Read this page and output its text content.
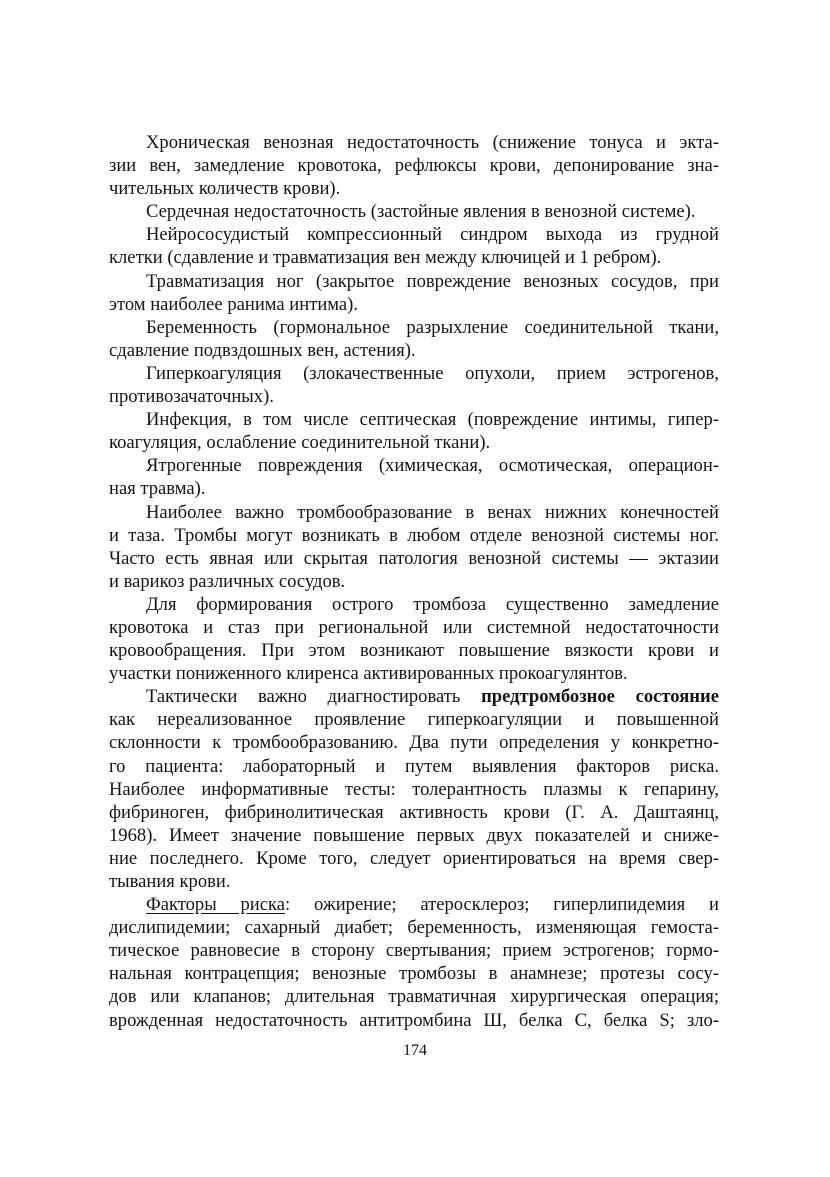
Хроническая венозная недостаточность (снижение тонуса и экта-
зии вен, замедление кровотока, рефлюксы крови, депонирование зна-
чительных количеств крови).
Сердечная недостаточность (застойные явления в венозной системе).
Нейрососудистый компрессионный синдром выхода из грудной
клетки (сдавление и травматизация вен между ключицей и 1 ребром).
Травматизация ног (закрытое повреждение венозных сосудов, при
этом наиболее ранима интима).
Беременность (гормональное разрыхление соединительной ткани,
сдавление подвздошных вен, астения).
Гиперкоагуляция (злокачественные опухоли, прием эстрогенов,
противозачаточных).
Инфекция, в том числе септическая (повреждение интимы, гипер-
коагуляция, ослабление соединительной ткани).
Ятрогенные повреждения (химическая, осмотическая, операцион-
ная травма).
Наиболее важно тромбообразование в венах нижних конечностей
и таза. Тромбы могут возникать в любом отделе венозной системы ног.
Часто есть явная или скрытая патология венозной системы — эктазии
и варикоз различных сосудов.
Для формирования острого тромбоза существенно замедление
кровотока и стаз при региональной или системной недостаточности
кровообращения. При этом возникают повышение вязкости крови и
участки пониженного клиренса активированных прокоагулянтов.
Тактически важно диагностировать предтромбозное состояние
как нереализованное проявление гиперкоагуляции и повышенной
склонности к тромбообразованию. Два пути определения у конкретно-
го пациента: лабораторный и путем выявления факторов риска.
Наиболее информативные тесты: толерантность плазмы к гепарину,
фибриноген, фибринолитическая активность крови (Г. А. Даштаянц,
1968). Имеет значение повышение первых двух показателей и сниже-
ние последнего. Кроме того, следует ориентироваться на время свер-
тывания крови.
Факторы риска: ожирение; атеросклероз; гиперлипидемия и
дислипидемии; сахарный диабет; беременность, изменяющая гемоста-
тическое равновесие в сторону свертывания; прием эстрогенов; гормо-
нальная контрацепция; венозные тромбозы в анамнезе; протезы сосу-
дов или клапанов; длительная травматичная хирургическая операция;
врожденная недостаточность антитромбина Ш, белка С, белка S; зло-
174
